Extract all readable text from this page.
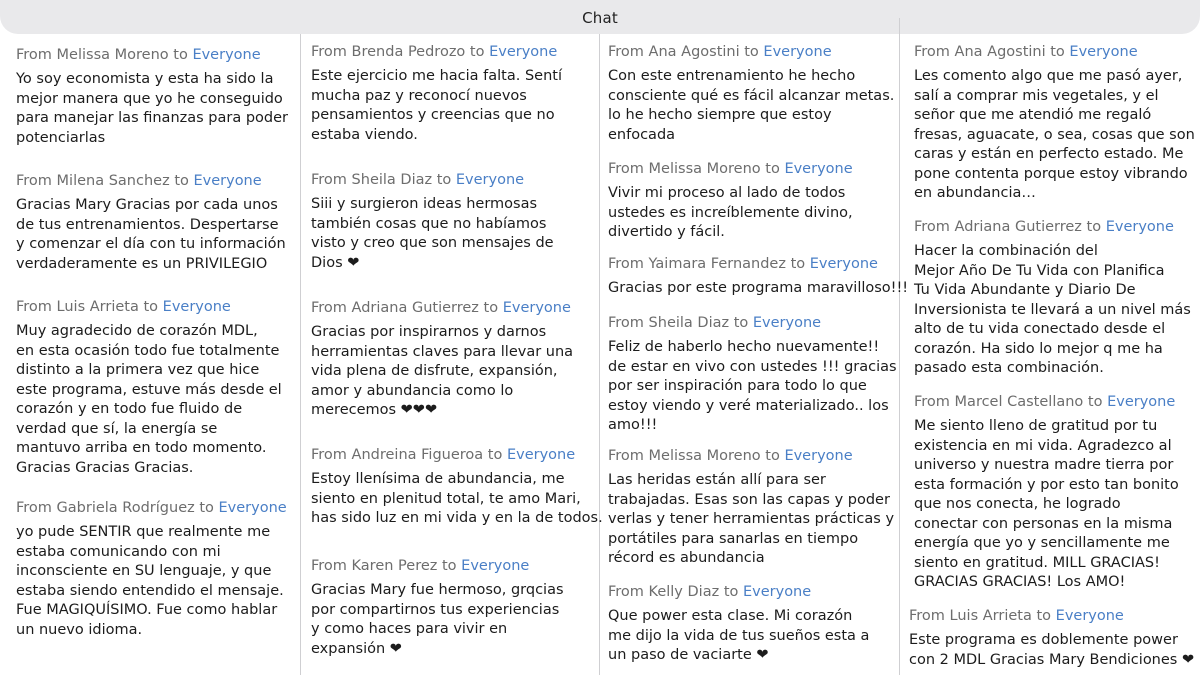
Chat
From Melissa Moreno to Everyone
Yo soy economista y esta ha sido la
mejor manera que yo he conseguido
para manejar las finanzas para poder
potenciarlas
From Milena Sanchez to Everyone
Gracias Mary Gracias por cada unos
de tus entrenamientos. Despertarse
y comenzar el día con tu información
verdaderamente es un PRIVILEGIO
From Luis Arrieta to Everyone
Muy agradecido de corazón MDL,
en esta ocasión todo fue totalmente
distinto a la primera vez que hice
este programa, estuve más desde el
corazón y en todo fue fluido de
verdad que sí, la energía se
mantuvo arriba en todo momento.
Gracias Gracias Gracias.
From Gabriela Rodríguez to Everyone
yo pude SENTIR que realmente me
estaba comunicando con mi
inconsciente en SU lenguaje, y que
estaba siendo entendido el mensaje.
Fue MAGIQUÍSIMO. Fue como hablar
un nuevo idioma.
From Brenda Pedrozo to Everyone
Este ejercicio me hacia falta. Sentí
mucha paz y reconocí nuevos
pensamientos y creencias que no
estaba viendo.
From Sheila Diaz to Everyone
Siii y surgieron ideas hermosas
también cosas que no habíamos
visto y creo que son mensajes de
Dios ❤
From Adriana Gutierrez to Everyone
Gracias por inspirarnos y darnos
herramientas claves para llevar una
vida plena de disfrute, expansión,
amor y abundancia como lo
merecemos ❤❤❤
From Andreina Figueroa to Everyone
Estoy llenísima de abundancia, me
siento en plenitud total, te amo Mari,
has sido luz en mi vida y en la de todos.
From Karen Perez to Everyone
Gracias Mary fue hermoso, grqcias
por compartirnos tus experiencias
y como haces para vivir en
expansión ❤
From Ana Agostini to Everyone
Con este entrenamiento he hecho
consciente qué es fácil alcanzar metas.
lo he hecho siempre que estoy
enfocada
From Melissa Moreno to Everyone
Vivir mi proceso al lado de todos
ustedes es increíblemente divino,
divertido y fácil.
From Yaimara Fernandez to Everyone
Gracias por este programa maravilloso!!!
From Sheila Diaz to Everyone
Feliz de haberlo hecho nuevamente!!
de estar en vivo con ustedes !!! gracias
por ser inspiración para todo lo que
estoy viendo y veré materializado.. los
amo!!!
From Melissa Moreno to Everyone
Las heridas están allí para ser
trabajadas. Esas son las capas y poder
verlas y tener herramientas prácticas y
portátiles para sanarlas en tiempo
récord es abundancia
From Kelly Diaz to Everyone
Que power esta clase. Mi corazón
me dijo la vida de tus sueños esta a
un paso de vaciarte ❤
From Ana Agostini to Everyone
Les comento algo que me pasó ayer,
salí a comprar mis vegetales, y el
señor que me atendió me regaló
fresas, aguacate, o sea, cosas que son
caras y están en perfecto estado. Me
pone contenta porque estoy vibrando
en abundancia…
From Adriana Gutierrez to Everyone
Hacer la combinación del
Mejor Año De Tu Vida con Planifica
Tu Vida Abundante y Diario De
Inversionista te llevará a un nivel más
alto de tu vida conectado desde el
corazón. Ha sido lo mejor q me ha
pasado esta combinación.
From Marcel Castellano to Everyone
Me siento lleno de gratitud por tu
existencia en mi vida. Agradezco al
universo y nuestra madre tierra por
esta formación y por esto tan bonito
que nos conecta, he logrado
conectar con personas en la misma
energía que yo y sencillamente me
siento en gratitud. MILL GRACIAS!
GRACIAS GRACIAS! Los AMO!
From Luis Arrieta to Everyone
Este programa es doblemente power
con 2 MDL Gracias Mary Bendiciones ❤
